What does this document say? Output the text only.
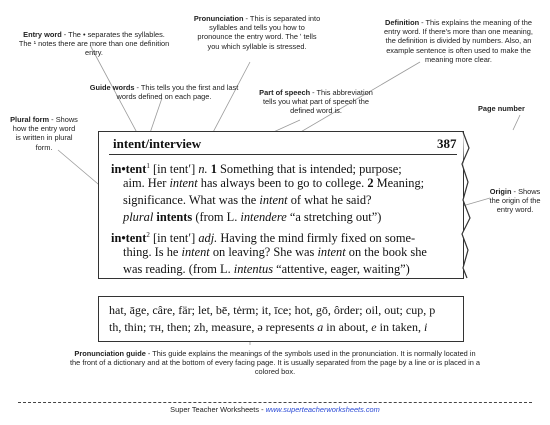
Entry word - The • separates the syllables.
The ¹ notes there are more than one definition entry.
Pronunciation - This is separated into syllables and tells you how to pronounce the entry word. The ʹ tells you which syllable is stressed.
Definition - This explains the meaning of the entry word. If there's more than one meaning, the definition is divided by numbers. Also, an example sentence is often used to make the meaning more clear.
Guide words - This tells you the first and last words defined on each page.	Part of speech - This abbreviation tells you what part of speech the defined word is.	Page number
Plural form - Shows how the entry word is written in plural form.
Origin - Shows the origin of the entry word.
intent/interview	387
in•tent$^1$ [in tentʹ] n. 1 Something that is intended; purpose;
aim. Her intent has always been to go to college. 2 Meaning;
significance. What was the intent of what he said?
plural intents (from L. intendere “a stretching out”)
in•tent$^2$ [in tentʹ] adj. Having the mind firmly fixed on some-
thing. Is he intent on leaving? She was intent on the book she
was reading. (from L. intentus “attentive, eager, waiting”)
hat, āge, câre, fär; let, bē, tėrm; it, īce; hot, gō, ôrder; oil, out; cup, p
th, thin; ᴛʜ, then; zh, measure, ə represents a in about, e in taken, i
Pronunciation guide - This guide explains the meanings of the symbols used in the pronunciation. It is normally located in the front of a dictionary and at the bottom of every facing page. It is usually separated from the page by a line or is placed in a colored box.
Super Teacher Worksheets - www.superteacherworksheets.com
